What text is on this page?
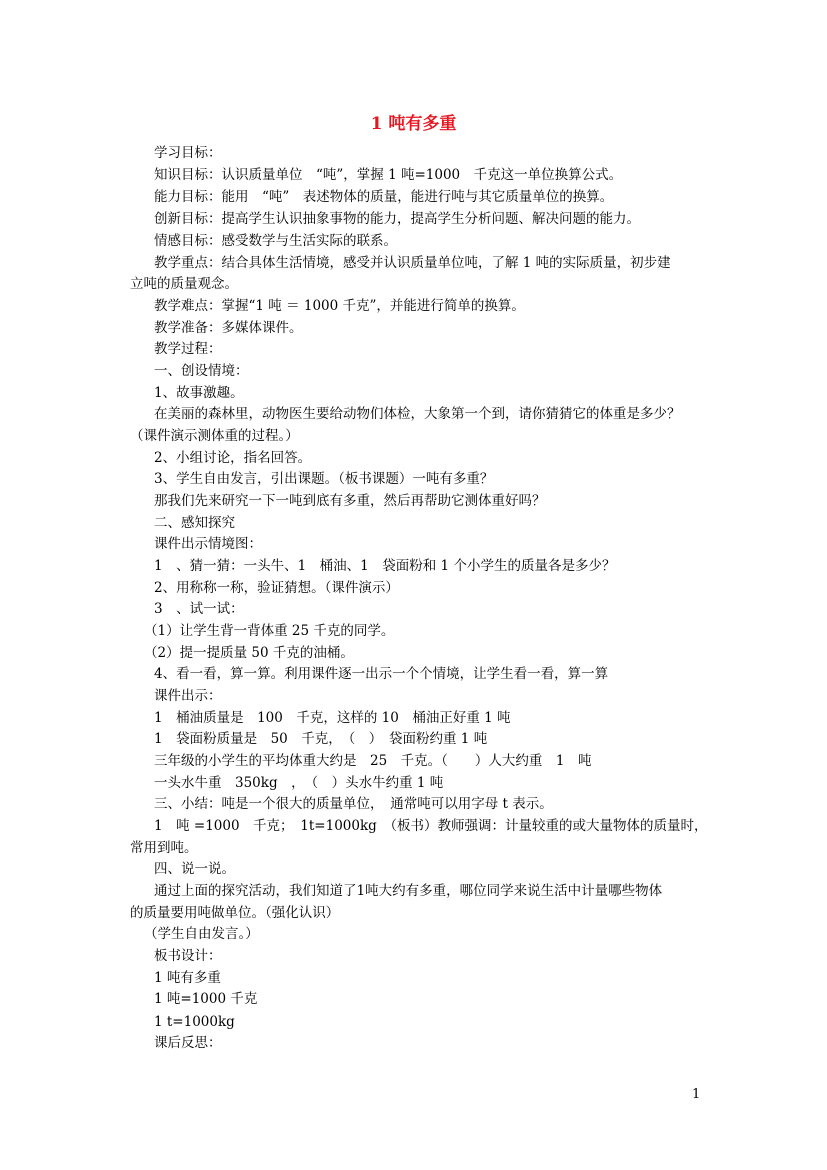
1 吨有多重
学习目标：
知识目标：认识质量单位　“吨”，掌握 1 吨=1000　千克这一单位换算公式。
能力目标：能用　“吨”　表述物体的质量，能进行吨与其它质量单位的换算。
创新目标：提高学生认识抽象事物的能力，提高学生分析问题、解决问题的能力。
情感目标：感受数学与生活实际的联系。
教学重点：结合具体生活情境，感受并认识质量单位吨，了解 1 吨的实际质量，初步建
立吨的质量观念。
教学难点：掌握“1 吨 ＝ 1000 千克”，并能进行简单的换算。
教学准备：多媒体课件。
教学过程：
一、创设情境：
1、故事激趣。
在美丽的森林里，动物医生要给动物们体检，大象第一个到，请你猜猜它的体重是多少？
（课件演示测体重的过程。）
2、小组讨论，指名回答。
3、学生自由发言，引出课题。（板书课题）一吨有多重？
那我们先来研究一下一吨到底有多重，然后再帮助它测体重好吗？
二、感知探究
课件出示情境图：
1　、猜一猜：一头牛、1　桶油、1　袋面粉和 1 个小学生的质量各是多少？
2、用称称一称，验证猜想。（课件演示）
3　、试一试：
（1）让学生背一背体重 25 千克的同学。
（2）提一提质量 50 千克的油桶。
4、看一看，算一算。利用课件逐一出示一个个情境，让学生看一看，算一算
课件出示：
1　桶油质量是　100　千克，这样的 10　桶油正好重 1 吨
1　袋面粉质量是　50　千克，　（　）　袋面粉约重 1 吨
三年级的小学生的平均体重大约是　25　千克。（　　）人大约重　1　吨
一头水牛重　350kg　，　（　）头水牛约重 1 吨
三、小结：吨是一个很大的质量单位，　通常吨可以用字母 t 表示。
1　吨 =1000　千克；　1t=1000kg　（板书）教师强调：计量较重的或大量物体的质量时，
常用到吨。
四、说一说。
通过上面的探究活动，我们知道了1吨大约有多重，哪位同学来说生活中计量哪些物体
的质量要用吨做单位。（强化认识）
（学生自由发言。）
板书设计：
1 吨有多重
1 吨=1000 千克
1 t=1000kg
课后反思：
1
